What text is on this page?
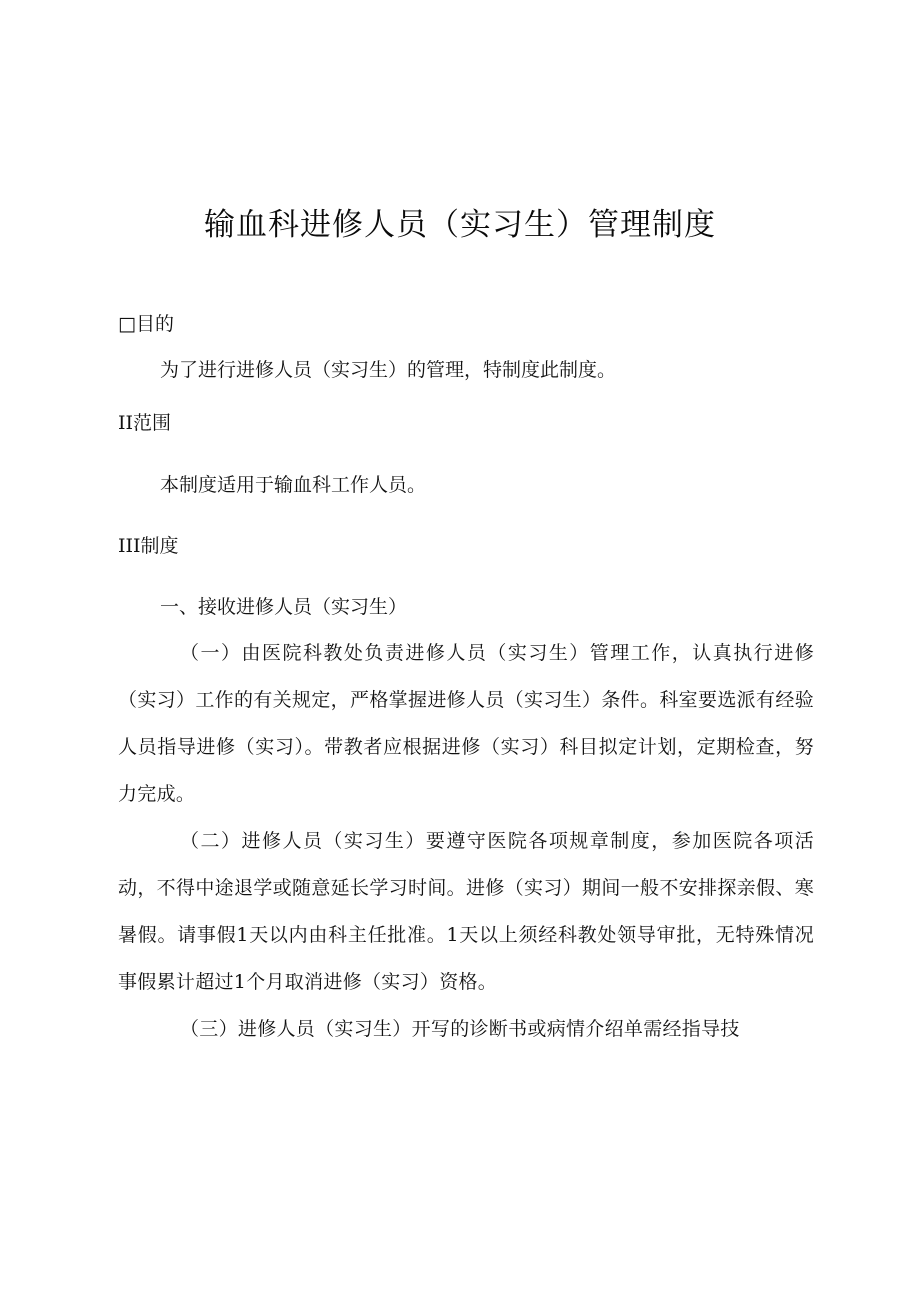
输血科进修人员（实习生）管理制度

□目的

为了进行进修人员（实习生）的管理，特制度此制度。

II范围

本制度适用于输血科工作人员。

III制度

一、接收进修人员（实习生）

（一）由医院科教处负责进修人员（实习生）管理工作，认真执行进修（实习）工作的有关规定，严格掌握进修人员（实习生）条件。科室要选派有经验人员指导进修（实习）。带教者应根据进修（实习）科目拟定计划，定期检查，努力完成。

（二）进修人员（实习生）要遵守医院各项规章制度，参加医院各项活动，不得中途退学或随意延长学习时间。进修（实习）期间一般不安排探亲假、寒暑假。请事假1天以内由科主任批准。1天以上须经科教处领导审批，无特殊情况事假累计超过1个月取消进修（实习）资格。

（三）进修人员（实习生）开写的诊断书或病情介绍单需经指导技
